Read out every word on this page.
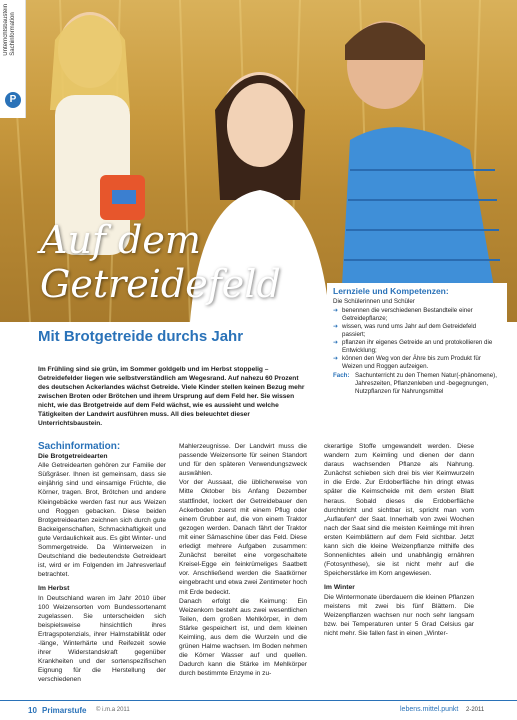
Unterrichtsbaustein
Sachinformation
P
Auf dem
Getreidefeld	Lernziele und Kompetenzen:

Die Schülerinnen und Schüler

➜ benennen die verschiedenen Bestandteile einer Getreidepflanze;
➜ wissen, was rund ums Jahr auf dem Getreidefeld passiert;
➜ pflanzen ihr eigenes Getreide an und protokollieren die Entwicklung;
➜ können den Weg von der Ähre bis zum Produkt für Weizen und Roggen aufzeigen.
Fach: Sachunterricht zu den Themen Natur(-phänomene), Jahreszeiten, Pflanzenleben und -begegnungen, Nutzpflanzen für Nahrungsmittel
Mit Brotgetreide durchs Jahr
Im Frühling sind sie grün, im Sommer goldgelb und im Herbst stoppelig – Getreidefelder liegen wie selbstverständlich am Wegesrand. Auf nahezu 60 Prozent des deutschen Ackerlandes wächst Getreide. Viele Kinder stellen keinen Bezug mehr zwischen Broten oder Brötchen und ihrem Ursprung auf dem Feld her. Sie wissen nicht, wie das Brotgetreide auf dem Feld wächst, wie es aussieht und welche Tätigkeiten der Landwirt ausführen muss. All dies beleuchtet dieser Unterrichtsbaustein.
Sachinformation:
Die Brotgetreidearten

Alle Getreidearten gehören zur Familie der Süßgräser. Ihnen ist gemeinsam, dass sie einjährig sind und einsamige Früchte, die Körner, tragen. Brot, Brötchen und andere Kleingebäcke werden fast nur aus Weizen und Roggen gebacken. Diese beiden Brotgetreidearten zeichnen sich durch gute Backeigenschaften, Schmackhaftigkeit und gute Verdaulichkeit aus. Es gibt Winter- und Sommergetreide. Da Winterweizen in Deutschland die bedeutendste Getreideart ist, wird er im Folgenden im Jahresverlauf betrachtet.

Im Herbst

In Deutschland waren im Jahr 2010 über 100 Weizensorten vom Bundessortenamt zugelassen. Sie unterscheiden sich beispielsweise hinsichtlich ihres Ertragspotenzials, ihrer Halmstabilität oder -länge, Winterhärte und Reifezeit sowie ihrer Widerstandskraft gegenüber Krankheiten und der sortenspezifischen Eignung für die Herstellung der verschiedenen

Mahlerzeugnisse. Der Landwirt muss die passende Weizensorte für seinen Standort und für den späteren Verwendungszweck auswählen.

Vor der Aussaat, die üblicherweise von Mitte Oktober bis Anfang Dezember stattfindet, lockert der Getreidebauer den Ackerboden zuerst mit einem Pflug oder einem Grubber auf, die von einem Traktor gezogen werden. Danach fährt der Traktor mit einer Sämaschine über das Feld. Diese erledigt mehrere Aufgaben zusammen: Zunächst bereitet eine vorgeschaltete Kreisel-Egge ein feinkrümeliges Saatbett vor. Anschließend werden die Saatkörner eingebracht und etwa zwei Zentimeter hoch mit Erde bedeckt.

Danach erfolgt die Keimung: Ein Weizenkorn besteht aus zwei wesentlichen Teilen, dem großen Mehlkörper, in dem Stärke gespeichert ist, und dem kleinen Keimling, aus dem die Wurzeln und die grünen Halme wachsen. Im Boden nehmen die Körner Wasser auf und quellen. Dadurch kann die Stärke im Mehlkörper durch bestimmte Enzyme in zu-

ckerartige Stoffe umgewandelt werden. Diese wandern zum Keimling und dienen der dann daraus wachsenden Pflanze als Nahrung. Zunächst schieben sich drei bis vier Keimwurzeln in die Erde. Zur Erdoberfläche hin dringt etwas später die Keimscheide mit dem ersten Blatt heraus. Sobald dieses die Erdoberfläche durchbricht und sichtbar ist, spricht man vom „Auflaufen“ der Saat. Innerhalb von zwei Wochen nach der Saat sind die meisten Keimlinge mit ihren ersten Keimblättern auf dem Feld sichtbar. Jetzt kann sich die kleine Weizenpflanze mithilfe des Sonnenlichtes allein und unabhängig ernähren (Fotosynthese), sie ist nicht mehr auf die Speicherstärke im Korn angewiesen.

Im Winter

Die Wintermonate überdauern die kleinen Pflanzen meistens mit zwei bis fünf Blättern. Die Weizenpflanzen wachsen nur noch sehr langsam bzw. bei Temperaturen unter 5 Grad Celsius gar nicht mehr. Sie fallen fast in einen „Winter-

10 Primarstufe © i.m.a 2011	lebens.mittel.punkt 2-2011
